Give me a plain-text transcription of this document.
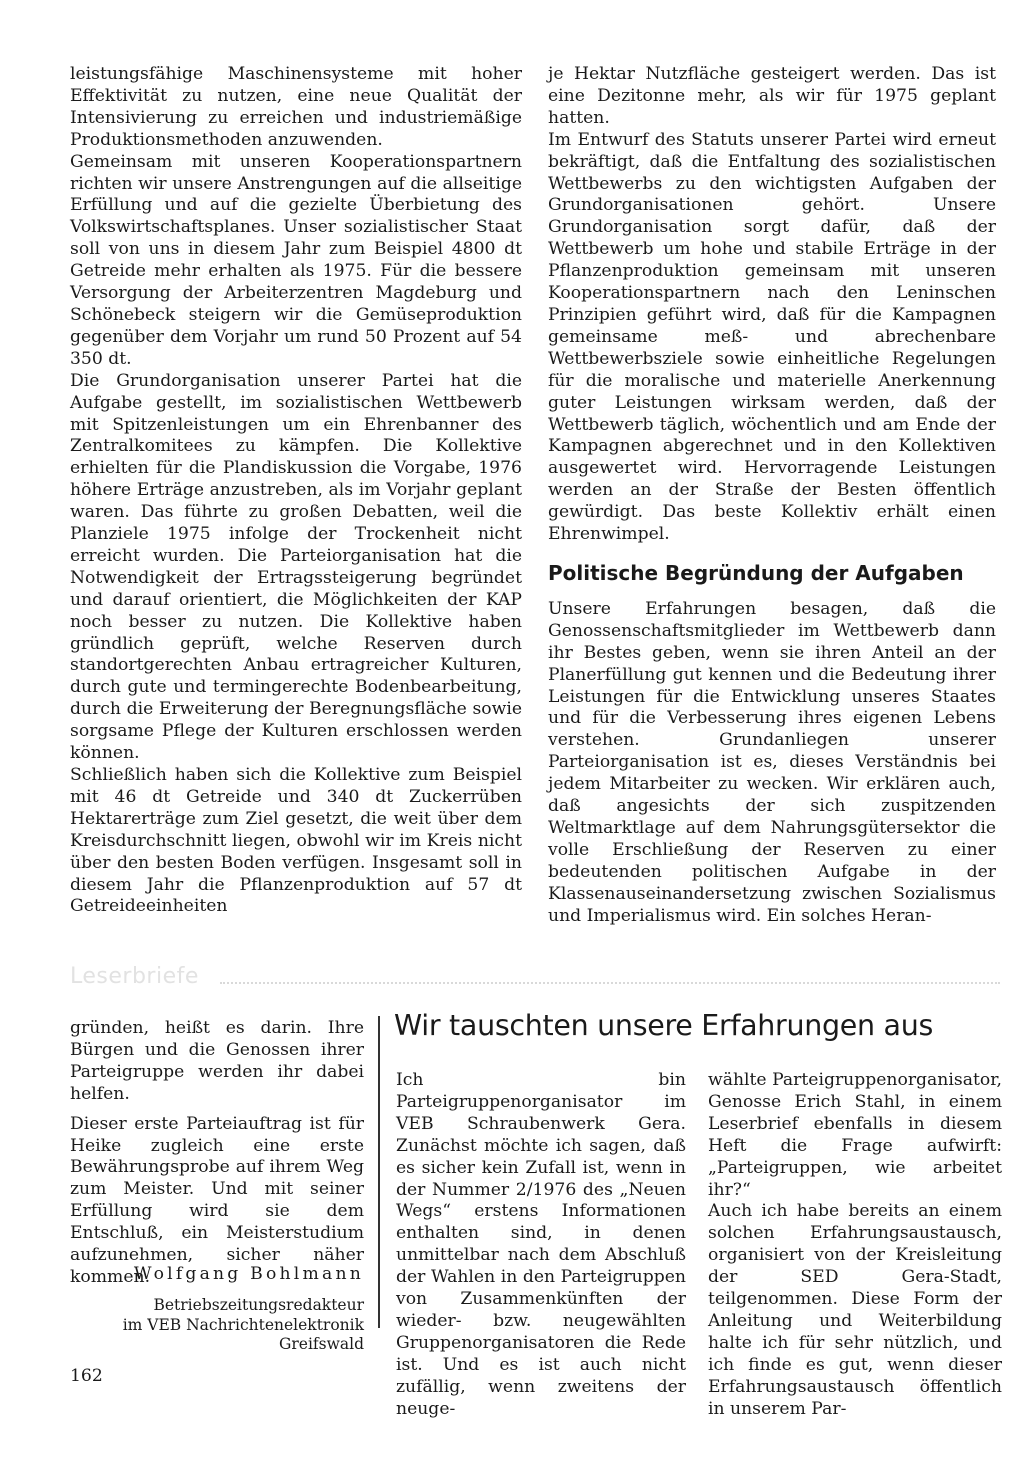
leistungsfähige Maschinensysteme mit hoher Effektivität zu nutzen, eine neue Qualität der Intensivierung zu erreichen und industriemäßige Produktionsmethoden anzuwenden.

Gemeinsam mit unseren Kooperationspartnern richten wir unsere Anstrengungen auf die allseitige Erfüllung und auf die gezielte Überbietung des Volkswirtschaftsplanes. Unser sozialistischer Staat soll von uns in diesem Jahr zum Beispiel 4800 dt Getreide mehr erhalten als 1975. Für die bessere Versorgung der Arbeiterzentren Magdeburg und Schönebeck steigern wir die Gemüseproduktion gegenüber dem Vorjahr um rund 50 Prozent auf 54 350 dt.

Die Grundorganisation unserer Partei hat die Aufgabe gestellt, im sozialistischen Wettbewerb mit Spitzenleistungen um ein Ehrenbanner des Zentralkomitees zu kämpfen. Die Kollektive erhielten für die Plandiskussion die Vorgabe, 1976 höhere Erträge anzustreben, als im Vorjahr geplant waren. Das führte zu großen Debatten, weil die Planziele 1975 infolge der Trockenheit nicht erreicht wurden. Die Parteiorganisation hat die Notwendigkeit der Ertragssteigerung begründet und darauf orientiert, die Möglichkeiten der KAP noch besser zu nutzen. Die Kollektive haben gründlich geprüft, welche Reserven durch standortgerechten Anbau ertragreicher Kulturen, durch gute und termingerechte Bodenbearbeitung, durch die Erweiterung der Beregnungsfläche sowie sorgsame Pflege der Kulturen erschlossen werden können.

Schließlich haben sich die Kollektive zum Beispiel mit 46 dt Getreide und 340 dt Zuckerrüben Hektarerträge zum Ziel gesetzt, die weit über dem Kreisdurchschnitt liegen, obwohl wir im Kreis nicht über den besten Boden verfügen. Insgesamt soll in diesem Jahr die Pflanzenproduktion auf 57 dt Getreideeinheiten

je Hektar Nutzfläche gesteigert werden. Das ist eine Dezitonne mehr, als wir für 1975 geplant hatten.

Im Entwurf des Statuts unserer Partei wird erneut bekräftigt, daß die Entfaltung des sozialistischen Wettbewerbs zu den wichtigsten Aufgaben der Grundorganisationen gehört. Unsere Grundorganisation sorgt dafür, daß der Wettbewerb um hohe und stabile Erträge in der Pflanzenproduktion gemeinsam mit unseren Kooperationspartnern nach den Leninschen Prinzipien geführt wird, daß für die Kampagnen gemeinsame meß- und abrechenbare Wettbewerbsziele sowie einheitliche Regelungen für die moralische und materielle Anerkennung guter Leistungen wirksam werden, daß der Wettbewerb täglich, wöchentlich und am Ende der Kampagnen abgerechnet und in den Kollektiven ausgewertet wird. Hervorragende Leistungen werden an der Straße der Besten öffentlich gewürdigt. Das beste Kollektiv erhält einen Ehrenwimpel.

Politische Begründung der Aufgaben

Unsere Erfahrungen besagen, daß die Genossenschaftsmitglieder im Wettbewerb dann ihr Bestes geben, wenn sie ihren Anteil an der Planerfüllung gut kennen und die Bedeutung ihrer Leistungen für die Entwicklung unseres Staates und für die Verbesserung ihres eigenen Lebens verstehen. Grundanliegen unserer Parteiorganisation ist es, dieses Verständnis bei jedem Mitarbeiter zu wecken. Wir erklären auch, daß angesichts der sich zuspitzenden Weltmarktlage auf dem Nahrungsgütersektor die volle Erschließung der Reserven zu einer bedeutenden politischen Aufgabe in der Klassenauseinandersetzung zwischen Sozialismus und Imperialismus wird. Ein solches Heran-

Leserbriefe

gründen, heißt es darin. Ihre Bürgen und die Genossen ihrer Parteigruppe werden ihr dabei helfen.

Dieser erste Parteiauftrag ist für Heike zugleich eine erste Bewährungsprobe auf ihrem Weg zum Meister. Und mit seiner Erfüllung wird sie dem Entschluß, ein Meisterstudium aufzunehmen, sicher näher kommen.

Wolfgang Bohlmann
Betriebszeitungsredakteur
im VEB Nachrichtenelektronik
Greifswald
Wir tauschten unsere Erfahrungen aus

Ich bin Parteigruppenorganisator im VEB Schraubenwerk Gera. Zunächst möchte ich sagen, daß es sicher kein Zufall ist, wenn in der Nummer 2/1976 des „Neuen Wegs“ erstens Informationen enthalten sind, in denen unmittelbar nach dem Abschluß der Wahlen in den Parteigruppen von Zusammenkünften der wieder- bzw. neugewählten Gruppenorganisatoren die Rede ist. Und es ist auch nicht zufällig, wenn zweitens der neuge-

wählte Parteigruppenorganisator, Genosse Erich Stahl, in einem Leserbrief ebenfalls in diesem Heft die Frage aufwirft: „Parteigruppen, wie arbeitet ihr?“

Auch ich habe bereits an einem solchen Erfahrungsaustausch, organisiert von der Kreisleitung der SED Gera-Stadt, teilgenommen. Diese Form der Anleitung und Weiterbildung halte ich für sehr nützlich, und ich finde es gut, wenn dieser Erfahrungsaustausch öffentlich in unserem Par-

162
